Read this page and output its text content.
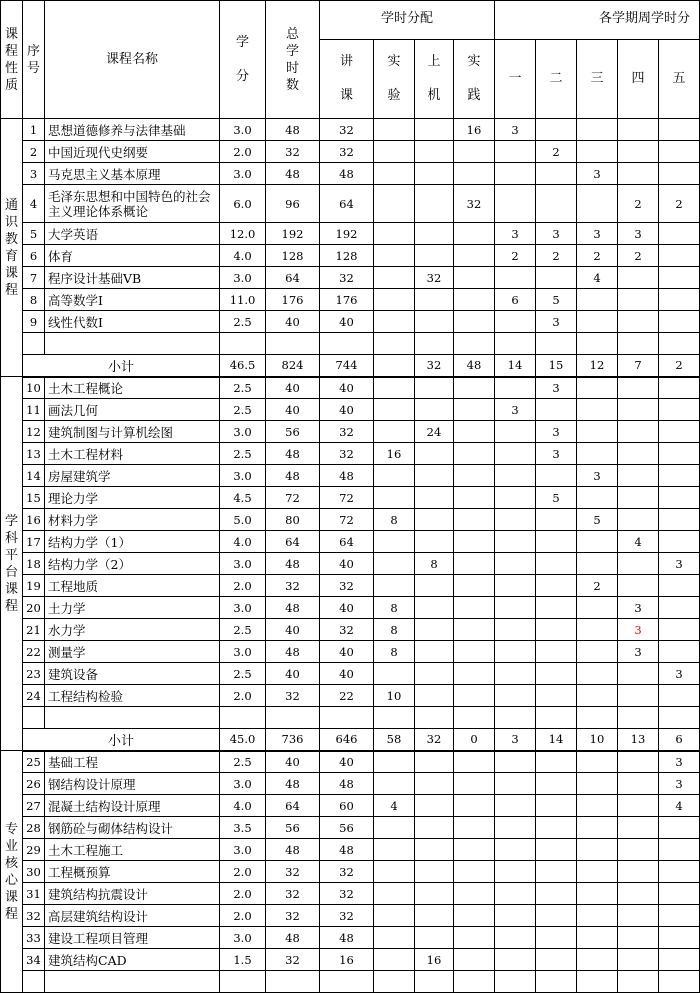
课程性质	序号	课程名称	学分	总学时数	学时分配				各学期周学时分				

					讲课	实验	上机	实践	一	二	三	四	五

通识教育课程	1	思想道德修养与法律基础	3.0	48	32			16	3				
	2	中国近现代史纲要	2.0	32	32					2			
	3	马克思主义基本原理	3.0	48	48						3		
	4	毛泽东思想和中国特色的社会主义理论体系概论	6.0	96	64			32				2	2
	5	大学英语	12.0	192	192				3	3	3	3	
	6	体育	4.0	128	128				2	2	2	2	
	7	程序设计基础VB	3.0	64	32		32				4		
	8	高等数学Ⅰ	11.0	176	176				6	5			
	9	线性代数Ⅰ	2.5	40	40					3			

	小计		46.5	824	744		32	48	14	15	12	7	2

学科平台课程	10	土木工程概论	2.5	40	40					3			
	11	画法几何	2.5	40	40				3				
	12	建筑制图与计算机绘图	3.0	56	32		24			3			
	13	土木工程材料	2.5	48	32	16				3			
	14	房屋建筑学	3.0	48	48						3		
	15	理论力学	4.5	72	72					5			
	16	材料力学	5.0	80	72	8					5		
	17	结构力学（1）	4.0	64	64							4	
	18	结构力学（2）	3.0	48	40		8						3
	19	工程地质	2.0	32	32						2		
	20	土力学	3.0	48	40	8						3	
	21	水力学	2.5	40	32	8						3	
	22	测量学	3.0	48	40	8						3	
	23	建筑设备	2.5	40	40								3
	24	工程结构检验	2.0	32	22	10							

	小计		45.0	736	646	58	32	0	3	14	10	13	6

专业核心课程	25	基础工程	2.5	40	40								3
	26	钢结构设计原理	3.0	48	48								3
	27	混凝土结构设计原理	4.0	64	60	4							4
	28	钢筋砼与砌体结构设计	3.5	56	56								
	29	土木工程施工	3.0	48	48								
	30	工程概预算	2.0	32	32								
	31	建筑结构抗震设计	2.0	32	32								
	32	高层建筑结构设计	2.0	32	32								
	33	建设工程项目管理	3.0	48	48								
	34	建筑结构CAD	1.5	32	16		16						
